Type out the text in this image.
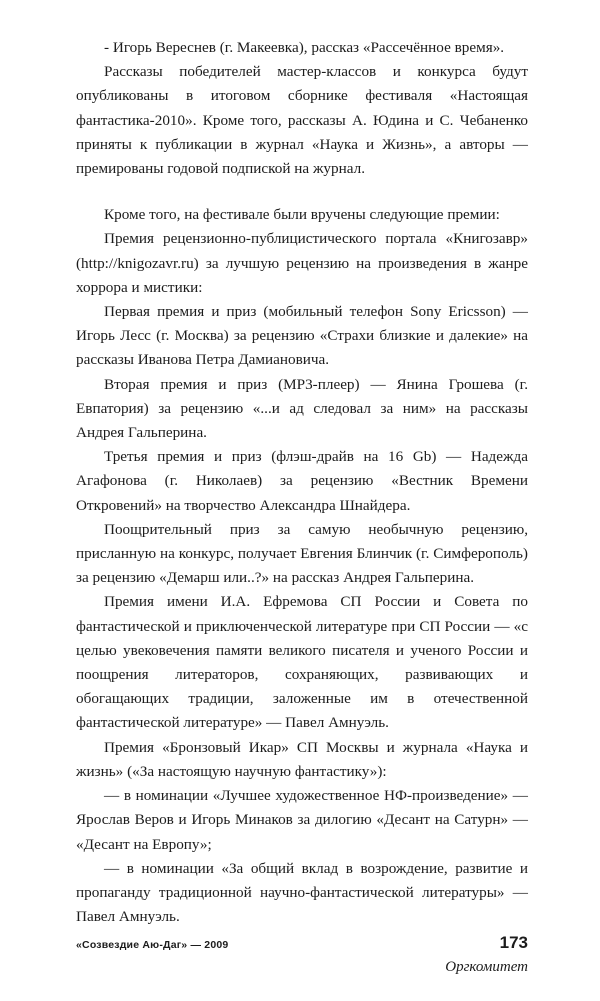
- Игорь Вереснев (г. Макеевка), рассказ «Рассечённое время».

Рассказы победителей мастер-классов и конкурса будут опубликованы в итоговом сборнике фестиваля «Настоящая фантастика-2010». Кроме того, рассказы А. Юдина и С. Чебаненко приняты к публикации в журнал «Наука и Жизнь», а авторы — премированы годовой подпиской на журнал.

Кроме того, на фестивале были вручены следующие премии:

Премия рецензионно-публицистического портала «Книгозавр» (http://knigozavr.ru) за лучшую рецензию на произведения в жанре хоррора и мистики:

Первая премия и приз (мобильный телефон Sony Ericsson) — Игорь Лесс (г. Москва) за рецензию «Страхи близкие и далекие» на рассказы Иванова Петра Дамиановича.

Вторая премия и приз (МР3-плеер) — Янина Грошева (г. Евпатория) за рецензию «...и ад следовал за ним» на рассказы Андрея Гальперина.

Третья премия и приз (флэш-драйв на 16 Gb) — Надежда Агафонова (г. Николаев) за рецензию «Вестник Времени Откровений» на творчество Александра Шнайдера.

Поощрительный приз за самую необычную рецензию, присланную на конкурс, получает Евгения Блинчик (г. Симферополь) за рецензию «Демарш или..?» на рассказ Андрея Гальперина.

Премия имени И.А. Ефремова СП России и Совета по фантастической и приключенческой литературе при СП России — «с целью увековечения памяти великого писателя и ученого России и поощрения литераторов, сохраняющих, развивающих и обогащающих традиции, заложенные им в отечественной фантастической литературе» — Павел Амнуэль.

Премия «Бронзовый Икар» СП Москвы и журнала «Наука и жизнь» («За настоящую научную фантастику»):

— в номинации «Лучшее художественное НФ-произведение» — Ярослав Веров и Игорь Минаков за дилогию «Десант на Сатурн» — «Десант на Европу»;

— в номинации «За общий вклад в возрождение, развитие и пропаганду традиционной научно-фантастической литературы» — Павел Амнуэль.

Оргкомитет
«Созвездие Аю-Даг» — 2009	173
